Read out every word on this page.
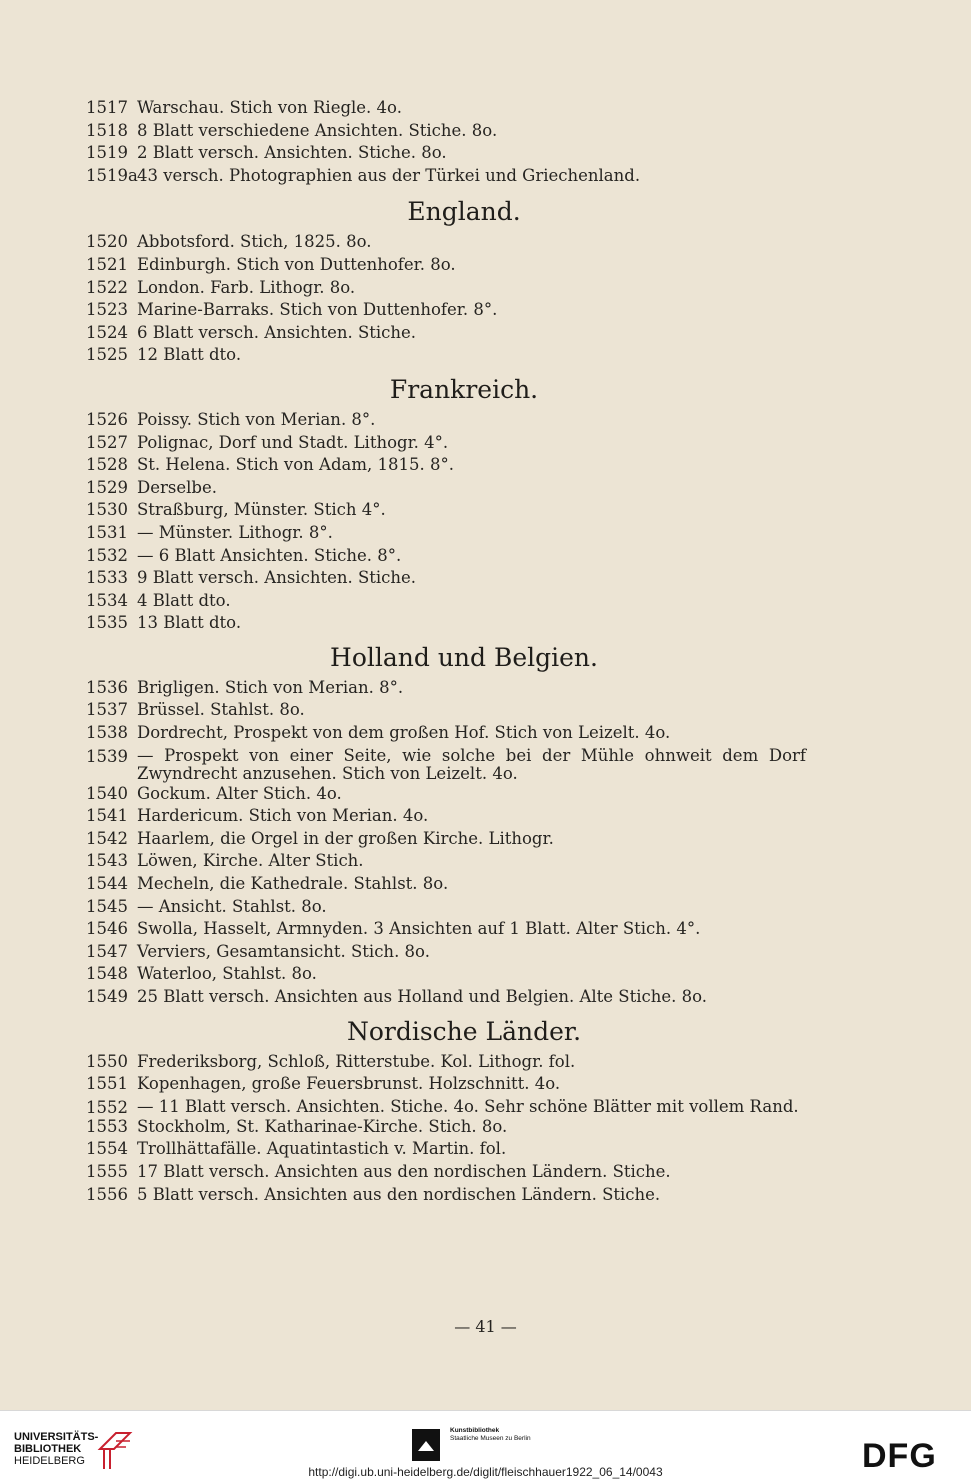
1517 Warschau. Stich von Riegle. 4o.
1518 8 Blatt verschiedene Ansichten. Stiche. 8o.
1519 2 Blatt versch. Ansichten. Stiche. 8o.
1519a 43 versch. Photographien aus der Türkei und Griechenland.
England.
1520 Abbotsford. Stich, 1825. 8o.
1521 Edinburgh. Stich von Duttenhofer. 8o.
1522 London. Farb. Lithogr. 8o.
1523 Marine-Barraks. Stich von Duttenhofer. 8°.
1524 6 Blatt versch. Ansichten. Stiche.
1525 12 Blatt dto.
Frankreich.
1526 Poissy. Stich von Merian. 8°.
1527 Polignac, Dorf und Stadt. Lithogr. 4°.
1528 St. Helena. Stich von Adam, 1815. 8°.
1529 Derselbe.
1530 Straßburg, Münster. Stich 4°.
1531 — Münster. Lithogr. 8°.
1532 — 6 Blatt Ansichten. Stiche. 8°.
1533 9 Blatt versch. Ansichten. Stiche.
1534 4 Blatt dto.
1535 13 Blatt dto.
Holland und Belgien.
1536 Brigligen. Stich von Merian. 8°.
1537 Brüssel. Stahlst. 8o.
1538 Dordrecht, Prospekt von dem großen Hof. Stich von Leizelt. 4o.
1539 — Prospekt von einer Seite, wie solche bei der Mühle ohnweit dem Dorf Zwyndrecht anzusehen. Stich von Leizelt. 4o.
1540 Gockum. Alter Stich. 4o.
1541 Hardericum. Stich von Merian. 4o.
1542 Haarlem, die Orgel in der großen Kirche. Lithogr.
1543 Löwen, Kirche. Alter Stich.
1544 Mecheln, die Kathedrale. Stahlst. 8o.
1545 — Ansicht. Stahlst. 8o.
1546 Swolla, Hasselt, Armnyden. 3 Ansichten auf 1 Blatt. Alter Stich. 4°.
1547 Verviers, Gesamtansicht. Stich. 8o.
1548 Waterloo, Stahlst. 8o.
1549 25 Blatt versch. Ansichten aus Holland und Belgien. Alte Stiche. 8o.
Nordische Länder.
1550 Frederiksborg, Schloß, Ritterstube. Kol. Lithogr. fol.
1551 Kopenhagen, große Feuersbrunst. Holzschnitt. 4o.
1552 — 11 Blatt versch. Ansichten. Stiche. 4o. Sehr schöne Blätter mit vollem Rand.
1553 Stockholm, St. Katharinae-Kirche. Stich. 8o.
1554 Trollhättafälle. Aquatintastich v. Martin. fol.
1555 17 Blatt versch. Ansichten aus den nordischen Ländern. Stiche.
1556 5 Blatt versch. Ansichten aus den nordischen Ländern. Stiche.
— 41 —
UNIVERSITÄTS-
BIBLIOTHEK
HEIDELBERG
Kunstbibliothek
Staatliche Museen zu Berlin	DFG
http://digi.ub.uni-heidelberg.de/diglit/fleischhauer1922_06_14/0043
